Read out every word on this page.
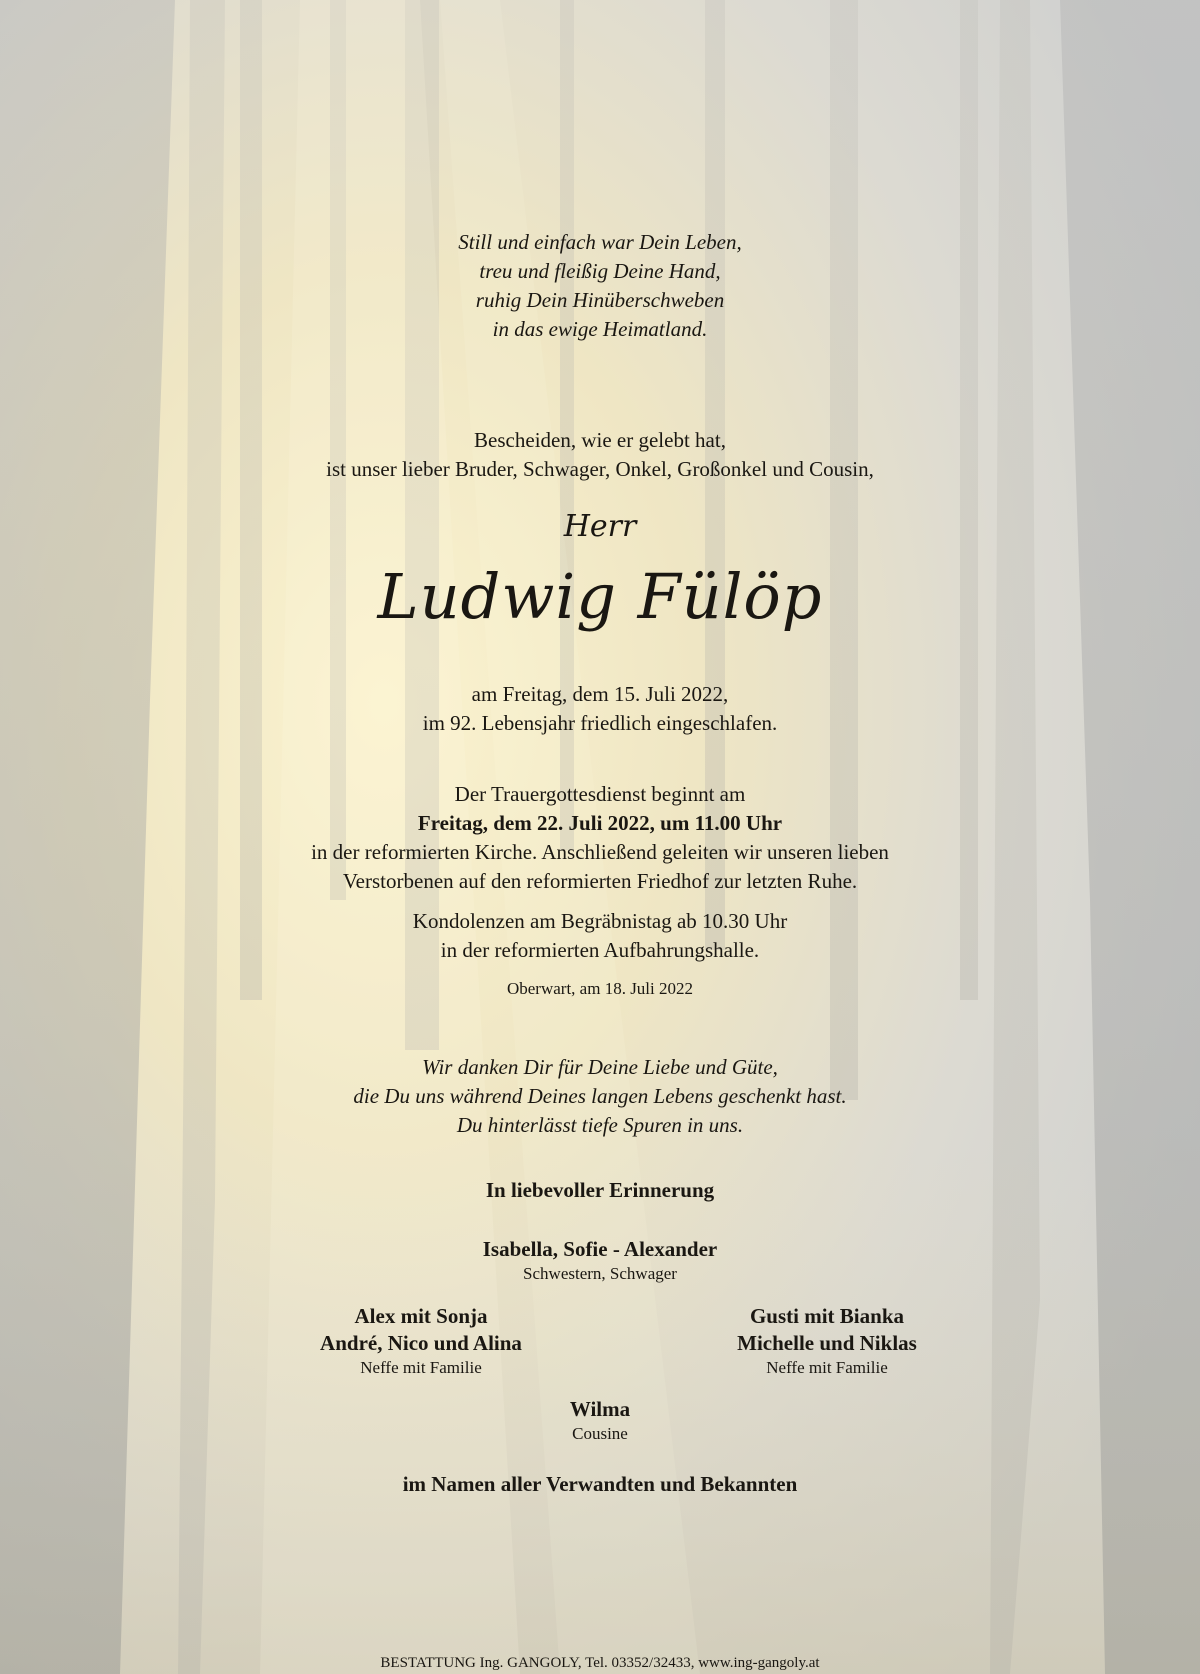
Still und einfach war Dein Leben,
treu und fleißig Deine Hand,
ruhig Dein Hinüberschweben
in das ewige Heimatland.
Bescheiden, wie er gelebt hat,
ist unser lieber Bruder, Schwager, Onkel, Großonkel und Cousin,
Herr
Ludwig Fülöp
am Freitag, dem 15. Juli 2022,
im 92. Lebensjahr friedlich eingeschlafen.
Der Trauergottesdienst beginnt am
Freitag, dem 22. Juli 2022, um 11.00 Uhr
in der reformierten Kirche. Anschließend geleiten wir unseren lieben
Verstorbenen auf den reformierten Friedhof zur letzten Ruhe.
Kondolenzen am Begräbnistag ab 10.30 Uhr
in der reformierten Aufbahrungshalle.
Oberwart, am 18. Juli 2022
Wir danken Dir für Deine Liebe und Güte,
die Du uns während Deines langen Lebens geschenkt hast.
Du hinterlässt tiefe Spuren in uns.
In liebevoller Erinnerung
Isabella, Sofie - Alexander
Schwestern, Schwager
Alex mit Sonja
André, Nico und Alina
Neffe mit Familie
Gusti mit Bianka
Michelle und Niklas
Neffe mit Familie
Wilma
Cousine
im Namen aller Verwandten und Bekannten
BESTATTUNG Ing. GANGOLY, Tel. 03352/32433, www.ing-gangoly.at
